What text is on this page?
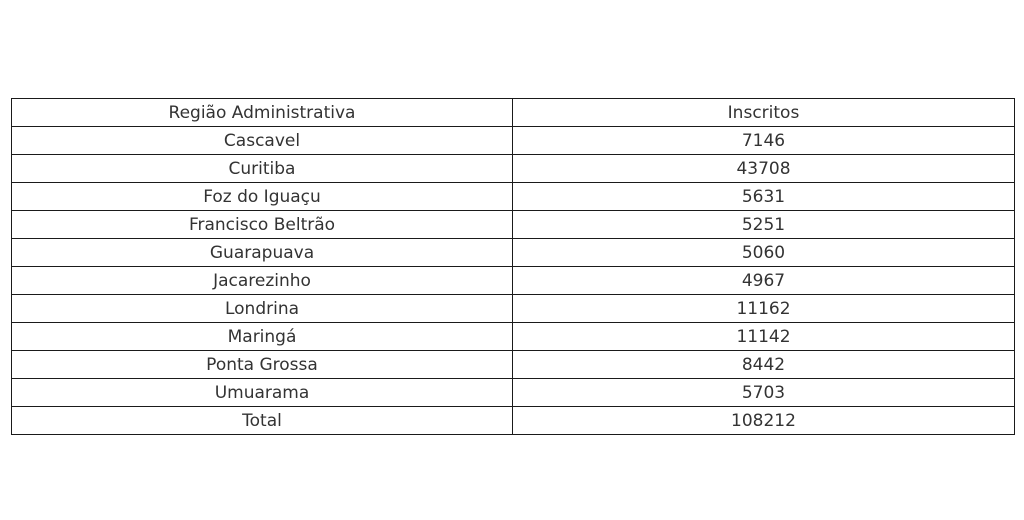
Região Administrativa	Inscritos
Cascavel	7146
Curitiba	43708
Foz do Iguaçu	5631
Francisco Beltrão	5251
Guarapuava	5060
Jacarezinho	4967
Londrina	11162
Maringá	11142
Ponta Grossa	8442
Umuarama	5703
Total	108212
